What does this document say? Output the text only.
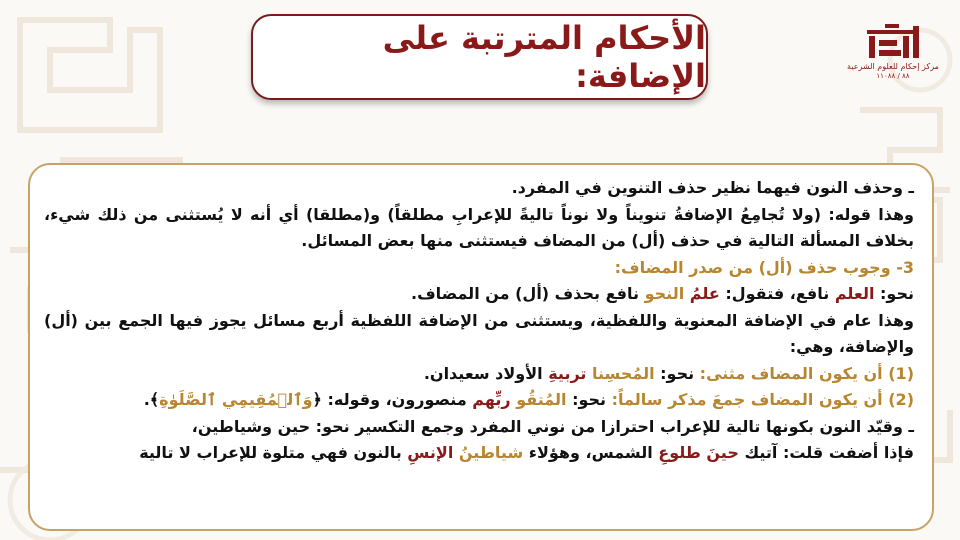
الأحكام المترتبة على الإضافة:	مركز إحكام للعلوم الشرعية
۸۸ / ۱۱۰۸۸

ـ وحذف النون فيهما نظير حذف التنوين في المفرد.

وهذا قوله: (ولا تُجامِعُ الإضافةُ تنويناً ولا نوناً تاليةً للإعرابِ مطلقاً) و(مطلقا) أي أنه لا يُستثنى من ذلك شيء، بخلاف المسألة التالية في حذف (أل) من المضاف فيستثنى منها بعض المسائل.

3- وجوب حذف (أل) من صدر المضاف:

نحو: العلم نافع، فتقول: علمُ النحو نافع بحذف (أل) من المضاف.

وهذا عام في الإضافة المعنوية واللفظية، ويستثنى من الإضافة اللفظية أربع مسائل يجوز فيها الجمع بين (أل) والإضافة، وهي:

(1) أن يكون المضاف مثنى: نحو: المُحسِنا تربيةِ الأولاد سعيدان.

(2) أن يكون المضاف جمعَ مذكر سالماً: نحو: المُتقُو ربِّهم منصورون، وقوله: ﴿وَٱلۡمُقِيمِي ٱلصَّلَوٰةِ﴾.

ـ وقيّد النون بكونها تالية للإعراب احترازا من نوني المفرد وجمع التكسير نحو: حين وشياطين،

فإذا أضفت قلت: آتيك حينَ طلوعِ الشمس، وهؤلاء شياطينُ الإنسِ بالنون فهي متلوة للإعراب لا تالية
